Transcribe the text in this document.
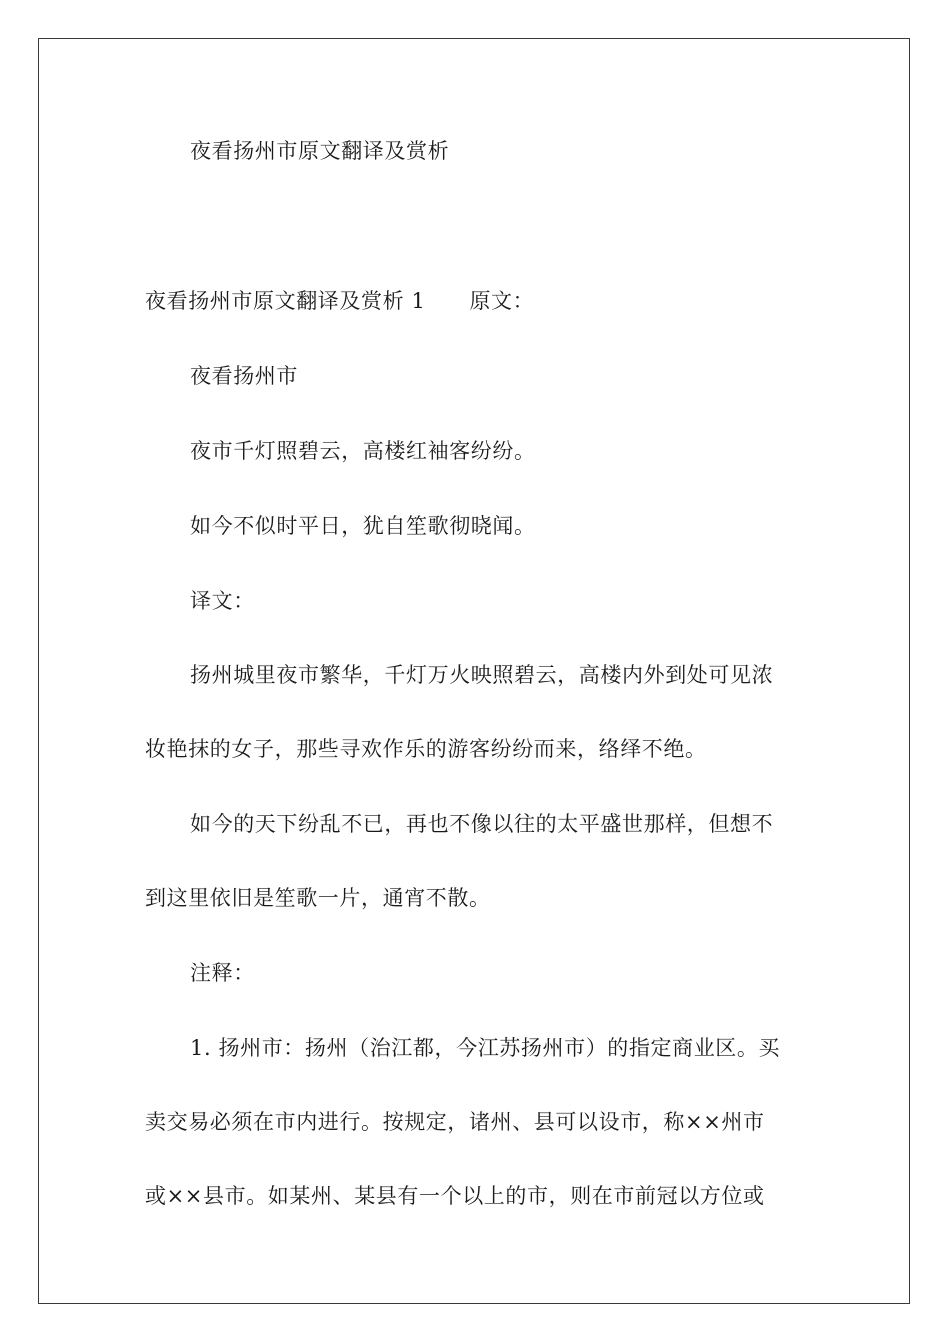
夜看扬州市原文翻译及赏析
夜看扬州市原文翻译及赏析 1 原文：
夜看扬州市
夜市千灯照碧云，高楼红袖客纷纷。
如今不似时平日，犹自笙歌彻晓闻。
译文：
扬州城里夜市繁华，千灯万火映照碧云，高楼内外到处可见浓
妆艳抹的女子，那些寻欢作乐的游客纷纷而来，络绎不绝。
如今的天下纷乱不已，再也不像以往的太平盛世那样，但想不
到这里依旧是笙歌一片，通宵不散。
注释：
1. 扬州市：扬州（治江都，今江苏扬州市）的指定商业区。买
卖交易必须在市内进行。按规定，诸州、县可以设市，称××州市
或××县市。如某州、某县有一个以上的市，则在市前冠以方位或
